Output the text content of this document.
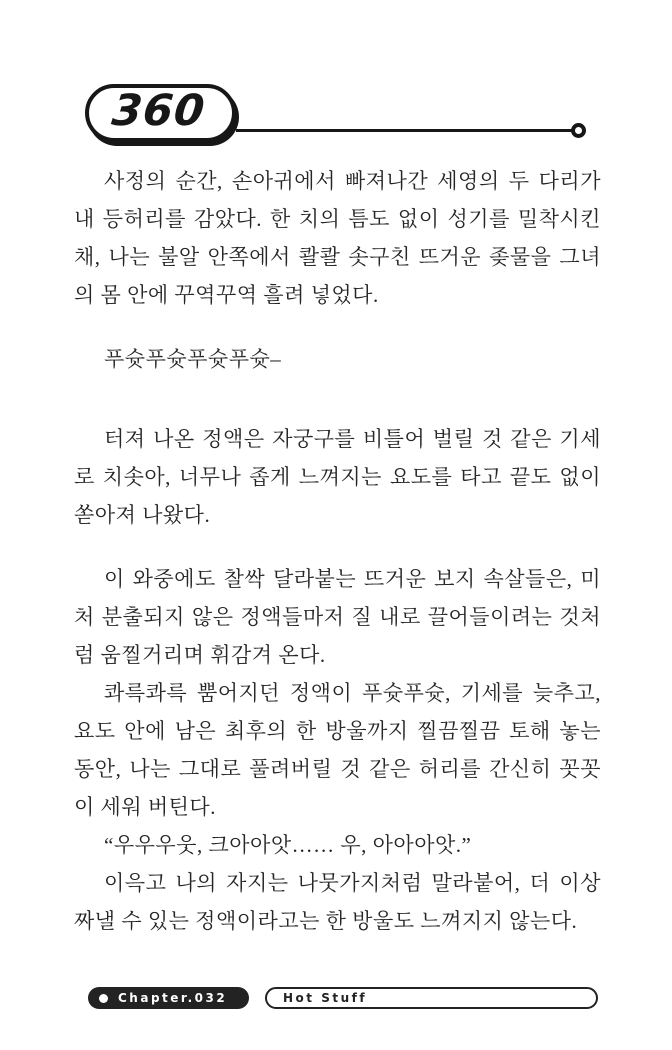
360

사정의 순간, 손아귀에서 빠져나간 세영의 두 다리가 내 등허리를 감았다. 한 치의 틈도 없이 성기를 밀착시킨 채, 나는 불알 안쪽에서 콸콸 솟구친 뜨거운 좆물을 그녀의 몸 안에 꾸역꾸역 흘려 넣었다.

푸슛푸슛푸슛푸슛–

터져 나온 정액은 자궁구를 비틀어 벌릴 것 같은 기세로 치솟아, 너무나 좁게 느껴지는 요도를 타고 끝도 없이 쏟아져 나왔다.

이 와중에도 찰싹 달라붙는 뜨거운 보지 속살들은, 미처 분출되지 않은 정액들마저 질 내로 끌어들이려는 것처럼 움찔거리며 휘감겨 온다.

콰륵콰륵 뿜어지던 정액이 푸슛푸슛, 기세를 늦추고, 요도 안에 남은 최후의 한 방울까지 찔끔찔끔 토해 놓는 동안, 나는 그대로 풀려버릴 것 같은 허리를 간신히 꼿꼿이 세워 버틴다.

“우우우웃, 크아아앗…… 우, 아아아앗.”

이윽고 나의 자지는 나뭇가지처럼 말라붙어, 더 이상 짜낼 수 있는 정액이라고는 한 방울도 느껴지지 않는다.

Chapter.032	Hot Stuff
